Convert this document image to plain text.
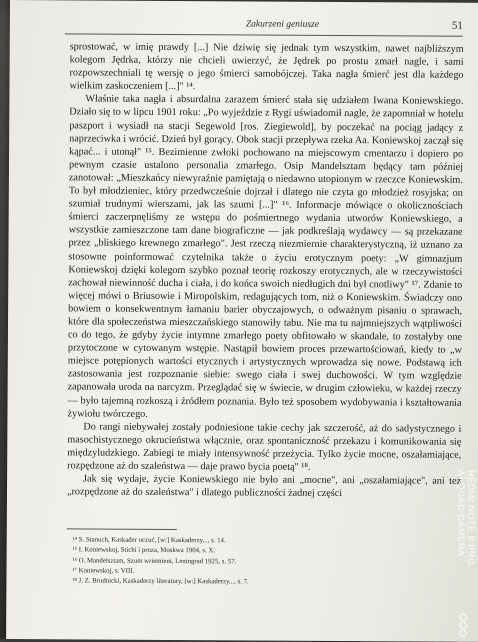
Zakurzeni geniusze	51

sprostować, w imię prawdy [...] Nie dziwię się jednak tym wszystkim, nawet najbliższym kolegom Jędrka, którzy nie chcieli uwierzyć, że Jędrek po prostu zmarł nagle, i sami rozpowszechniali tę wersję o jego śmierci samobójczej. Taka nagła śmierć jest dla każdego wielkim zaskoczeniem [...]" ¹⁴.

Właśnie taka nagła i absurdalna zarazem śmierć stała się udziałem Iwana Koniewskiego. Działo się to w lipcu 1901 roku: „Po wyjeździe z Rygi uświadomił nagle, że zapomniał w hotelu paszport i wysiadł na stacji Segewold [ros. Ziegiewold], by poczekać na pociąg jadący z naprzeciwka i wrócić. Dzień był gorący. Obok stacji przepływa rzeka Aa. Koniewskoj zaczął się kąpać... i utonął" ¹⁵. Bezimienne zwłoki pochowano na miejscowym cmentarzu i dopiero po pewnym czasie ustalono personalia zmarłego. Osip Mandelsztam będący tam później zanotował: „Mieszkańcy niewyraźnie pamiętają o niedawno utopionym w rzeczce Koniewskim. To był młodzieniec, który przedwcześnie dojrzał i dlatego nie czyta go młodzież rosyjska; on szumiał trudnymi wierszami, jak las szumi [...]" ¹⁶. Informacje mówiące o okolicznościach śmierci zaczerpnęliśmy ze wstępu do pośmiertnego wydania utworów Koniewskiego, a wszystkie zamieszczone tam dane biograficzne — jak podkreślają wydawcy — są przekazane przez „bliskiego krewnego zmarłego". Jest rzeczą niezmiernie charakterystyczną, iż uznano za stosowne poinformować czytelnika także o życiu erotycznym poety: „W gimnazjum Koniewskoj dzięki kolegom szybko poznał teorię rozkoszy erotycznych, ale w rzeczywistości zachował niewinność ducha i ciała, i do końca swoich niedługich dni był cnotliwy" ¹⁷. Zdanie to więcej mówi o Briusowie i Miropolskim, redagujących tom, niż o Koniewskim. Świadczy ono bowiem o konsekwentnym łamaniu barier obyczajowych, o odważnym pisaniu o sprawach, które dla społeczeństwa mieszczańskiego stanowiły tabu. Nie ma tu najmniejszych wątpliwości co do tego, że gdyby życie intymne zmarłego poety obfitowało w skandale, to zostałyby one przytoczone w cytowanym wstępie. Nastąpił bowiem proces przewartościowań, kiedy to „w miejsce potępionych wartości etycznych i artystycznych wprowadza się nowe. Podstawą ich zastosowania jest rozpoznanie siebie: swego ciała i swej duchowości. W tym względzie zapanowała uroda na narcyzm. Przeglądać się w świecie, w drugim człowieku, w każdej rzeczy — było tajemną rozkoszą i źródłem poznania. Było też sposobem wydobywania i kształtowania żywiołu twórczego.

Do rangi niebywałej zostały podniesione takie cechy jak szczerość, aż do sadystycznego i masochistycznego okrucieństwa włącznie, oraz spontaniczność przekazu i komunikowania się międzyludzkiego. Zabiegi te miały intensywność przeżycia. Tylko życie mocne, oszałamiające, rozpędzone aż do szaleństwa — daje prawo bycia poetą" ¹⁸.

Jak się wydaje, życie Koniewskiego nie było ani „mocne", ani „oszałamiające", ani też „rozpędzone aż do szaleństwa" i dlatego publiczności żadnej części

¹⁴ S. Stanuch, Kaskader uczuć, [w:] Kaskaderzy..., s. 14.
¹⁵ I. Koniewskoj, Stichi i proza, Moskwa 1904, s. X.
¹⁶ O. Mandelsztam, Szum wriemieni, Leningrad 1925, s. 57.
¹⁷ Koniewskoj, s. VIII.
¹⁸ J. Z. Brudnicki, Kaskaderzy literatury, [w:] Kaskaderzy..., s. 7.
REDMI NOTE 8 PRO
AI QUAD CAMERA
